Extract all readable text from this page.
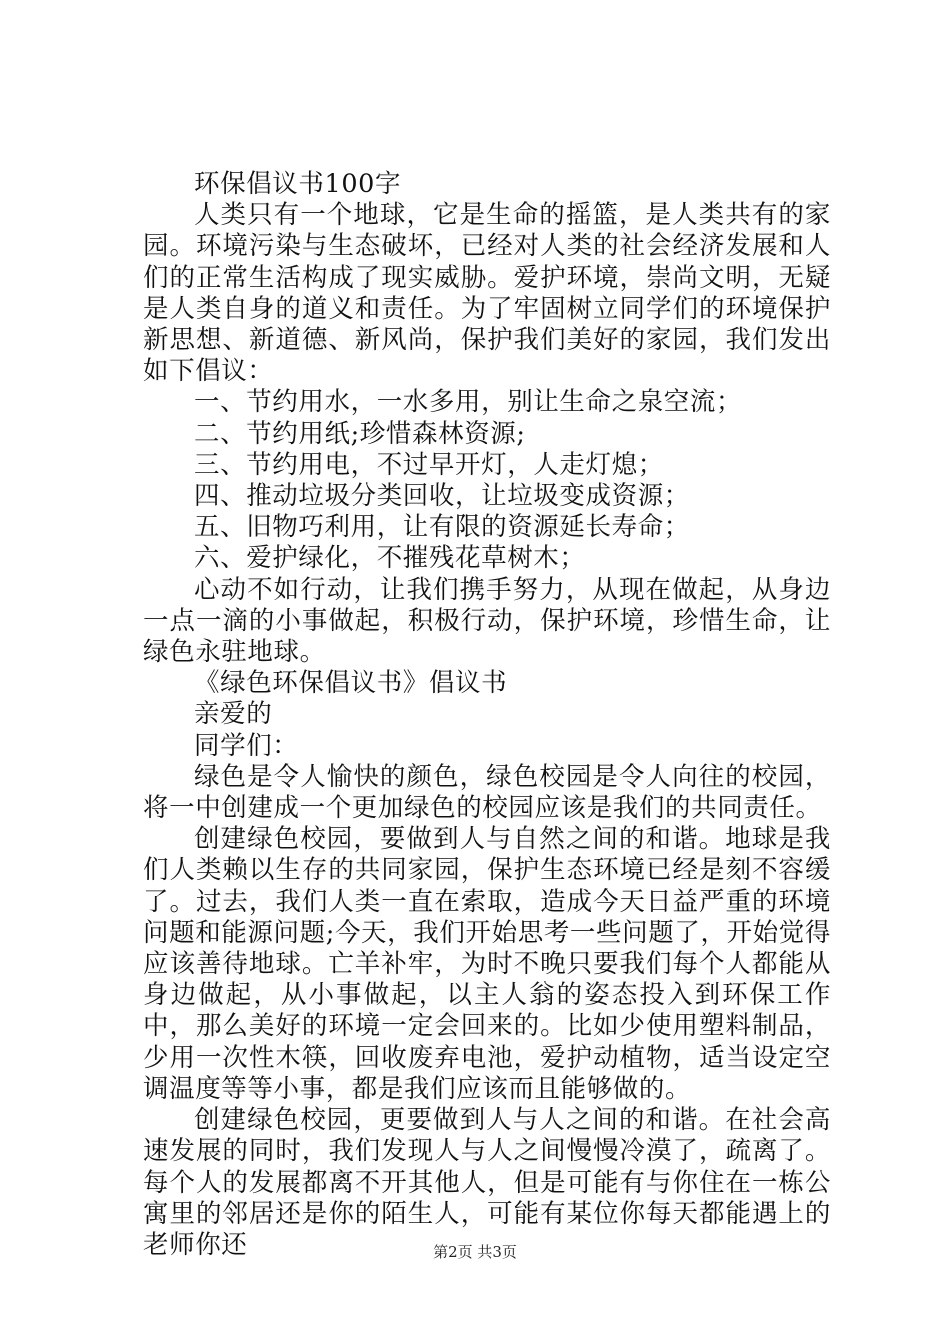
环保倡议书100字

人类只有一个地球，它是生命的摇篮，是人类共有的家园。环境污染与生态破坏，已经对人类的社会经济发展和人们的正常生活构成了现实威胁。爱护环境，崇尚文明，无疑是人类自身的道义和责任。为了牢固树立同学们的环境保护新思想、新道德、新风尚，保护我们美好的家园，我们发出如下倡议：

一、节约用水，一水多用，别让生命之泉空流；

二、节约用纸;珍惜森林资源;

三、节约用电，不过早开灯，人走灯熄；

四、推动垃圾分类回收，让垃圾变成资源；

五、旧物巧利用，让有限的资源延长寿命；

六、爱护绿化，不摧残花草树木；

心动不如行动，让我们携手努力，从现在做起，从身边一点一滴的小事做起，积极行动，保护环境，珍惜生命，让绿色永驻地球。

《绿色环保倡议书》倡议书

亲爱的

同学们：

绿色是令人愉快的颜色，绿色校园是令人向往的校园，将一中创建成一个更加绿色的校园应该是我们的共同责任。

创建绿色校园，要做到人与自然之间的和谐。地球是我们人类赖以生存的共同家园，保护生态环境已经是刻不容缓了。过去，我们人类一直在索取，造成今天日益严重的环境问题和能源问题;今天，我们开始思考一些问题了，开始觉得应该善待地球。亡羊补牢，为时不晚只要我们每个人都能从身边做起，从小事做起，以主人翁的姿态投入到环保工作中，那么美好的环境一定会回来的。比如少使用塑料制品，少用一次性木筷，回收废弃电池，爱护动植物，适当设定空调温度等等小事，都是我们应该而且能够做的。

创建绿色校园，更要做到人与人之间的和谐。在社会高速发展的同时，我们发现人与人之间慢慢冷漠了，疏离了。每个人的发展都离不开其他人，但是可能有与你住在一栋公寓里的邻居还是你的陌生人，可能有某位你每天都能遇上的老师你还	第2页 共3页
